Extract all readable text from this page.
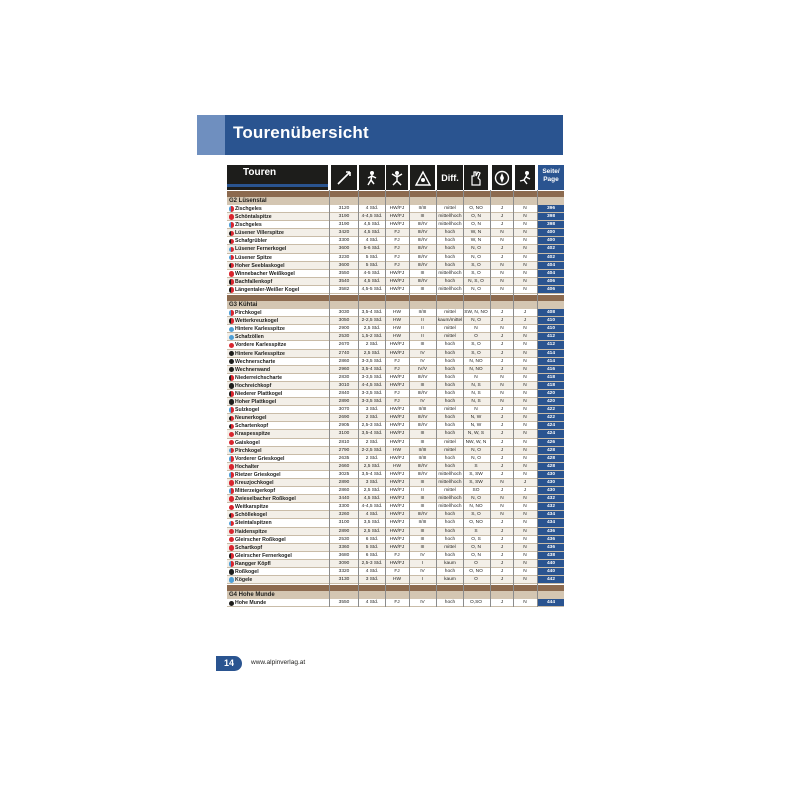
Tourenübersicht
Touren	Diff.
Seite/ Page
G2 Lüsenstal
Zischgeles	3120	4 Std.	HW/FJ	II/III	mittel	O, NO	J	N	396
Schöntalspitze	3190	4-4,5 Std.	HW/FJ	III	mittel/hoch	O, N	J	N	398
Zischgeles	3190	4,5 Std.	HW/FJ	III/IV	mittel/hoch	O, N	J	N	398
Lüsener Villerspitze	3420	4,5 Std.	FJ	III/IV	hoch	W, N	N	N	400
Schafgrübler	3300	4 Std.	FJ	III/IV	hoch	W, N	N	N	400
Lüsener Fernerkogel	3600	5-6 Std.	FJ	III/IV	hoch	N, O	J	N	402
Lüsener Spitze	3230	5 Std.	FJ	III/IV	hoch	N, O	J	N	402
Hoher Seeblaskogel	3600	5 Std.	FJ	III/IV	hoch	S, O	N	N	404
Winnebacher Weißkogel	3550	4-5 Std.	HW/FJ	III	mittel/hoch	S, O	N	N	404
Bachfallenkopf	3540	4,5 Std.	HW/FJ	III/IV	hoch	N, S, O	N	N	406
Längentaler-Weißer Kogel	3582	4,5-5 Std.	HW/FJ	III	mittel/hoch	N, O	N	N	406
G3 Kühtai
Pirchkogel	3030	3,5-4 Std.	HW	II/III	mittel	SW, N, NO	J	J	408
Wetterkreuzkogel	3050	2-2,5 Std.	HW	II	kaum/mittel	N, O	J	J	410
Hintere Karlesspitze	2900	2,5 Std.	HW	II	mittel	N	N	N	410
Schafzöllen	2530	1,5-2 Std.	HW	II	mittel	O	J	N	412
Vordere Karlesspitze	2670	2 Std.	HW/FJ	III	hoch	S, O	J	N	412
Hintere Karlesspitze	2740	2,5 Std.	HW/FJ	IV	hoch	S, O	J	N	414
Wechnerscharte	2860	3-3,5 Std.	FJ	IV	hoch	N, NO	J	N	414
Wechnerwand	2960	3,5-4 Std.	FJ	IV/V	hoch	N, NO	J	N	416
Niederreichscharte	2830	3-3,5 Std.	HW/FJ	III/IV	hoch	N	N	N	418
Hochreichkopf	3010	4-4,5 Std.	HW/FJ	III	hoch	N, S	N	N	418
Niederer Plattkogel	2840	3-3,5 Std.	FJ	III/IV	hoch	N, S	N	N	420
Hoher Plattkogel	2890	3-3,5 Std.	FJ	IV	hoch	N, S	N	N	420
Sulzkogel	3070	3 Std.	HW/FJ	II/III	mittel	N	J	N	422
Neunerkogel	2690	2 Std.	HW/FJ	III/IV	hoch	N, W	J	N	422
Schartenkopf	2905	2,5-3 Std.	HW/FJ	III/IV	hoch	N, W	J	N	424
Kraspesspitze	3100	3,5-4 Std.	HW/FJ	III	hoch	N, W, S	J	N	424
Gaiskogel	2810	2 Std.	HW/FJ	III	mittel	NW, W, N	J	N	426
Pirchkogel	2790	2-2,5 Std.	HW	II/III	mittel	N, O	J	N	428
Vorderer Grieskogel	2635	2 Std.	HW/FJ	II/III	hoch	N, O	J	N	428
Hochalter	2660	2,5 Std.	HW	III/IV	hoch	S	J	N	428
Rietzer Grieskogel	3025	3,5-4 Std.	HW/FJ	III/IV	mittel/hoch	S, SW	J	N	430
Kreuzjochkogel	2890	3 Std.	HW/FJ	III	mittel/hoch	S, SW	N	J	430
Mitterzeigerkopf	2860	2,5 Std.	HW/FJ	II	mittel	SO	J	J	430
Zwieselbacher Roßkogel	3440	4,5 Std.	HW/FJ	III	mittel/hoch	N, O	N	N	432
Weitkarspitze	3300	4-4,5 Std.	HW/FJ	III	mittel/hoch	N, NO	N	N	432
Schöllekogel	3260	4 Std.	HW/FJ	III/IV	hoch	S, O	N	N	434
Steintalspitzen	3100	3,5 Std.	HW/FJ	II/III	hoch	O, NO	J	N	434
Haidenspitze	2890	2,5 Std.	HW/FJ	III	hoch	S	J	N	436
Gleirscher Roßkogel	2530	6 Std.	HW/FJ	III	hoch	O, S	J	N	436
Schartkopf	3360	5 Std.	HW/FJ	III	mittel	O, N	J	N	436
Gleirscher Fernerkogel	3680	6 Std.	FJ	IV	hoch	O, N	J	N	438
Rangger Köpfl	3090	2,5-3 Std.	HW/FJ	I	kaum	O	J	N	440
Roßkogel	3320	4 Std.	FJ	IV	hoch	O, NO	J	N	440
Kögele	3130	3 Std.	HW	I	kaum	O	J	N	442
G4 Hohe Munde
Hohe Munde	3550	4 Std.	FJ	IV	hoch	O,SO	J	N	444
14	www.alpinverlag.at
